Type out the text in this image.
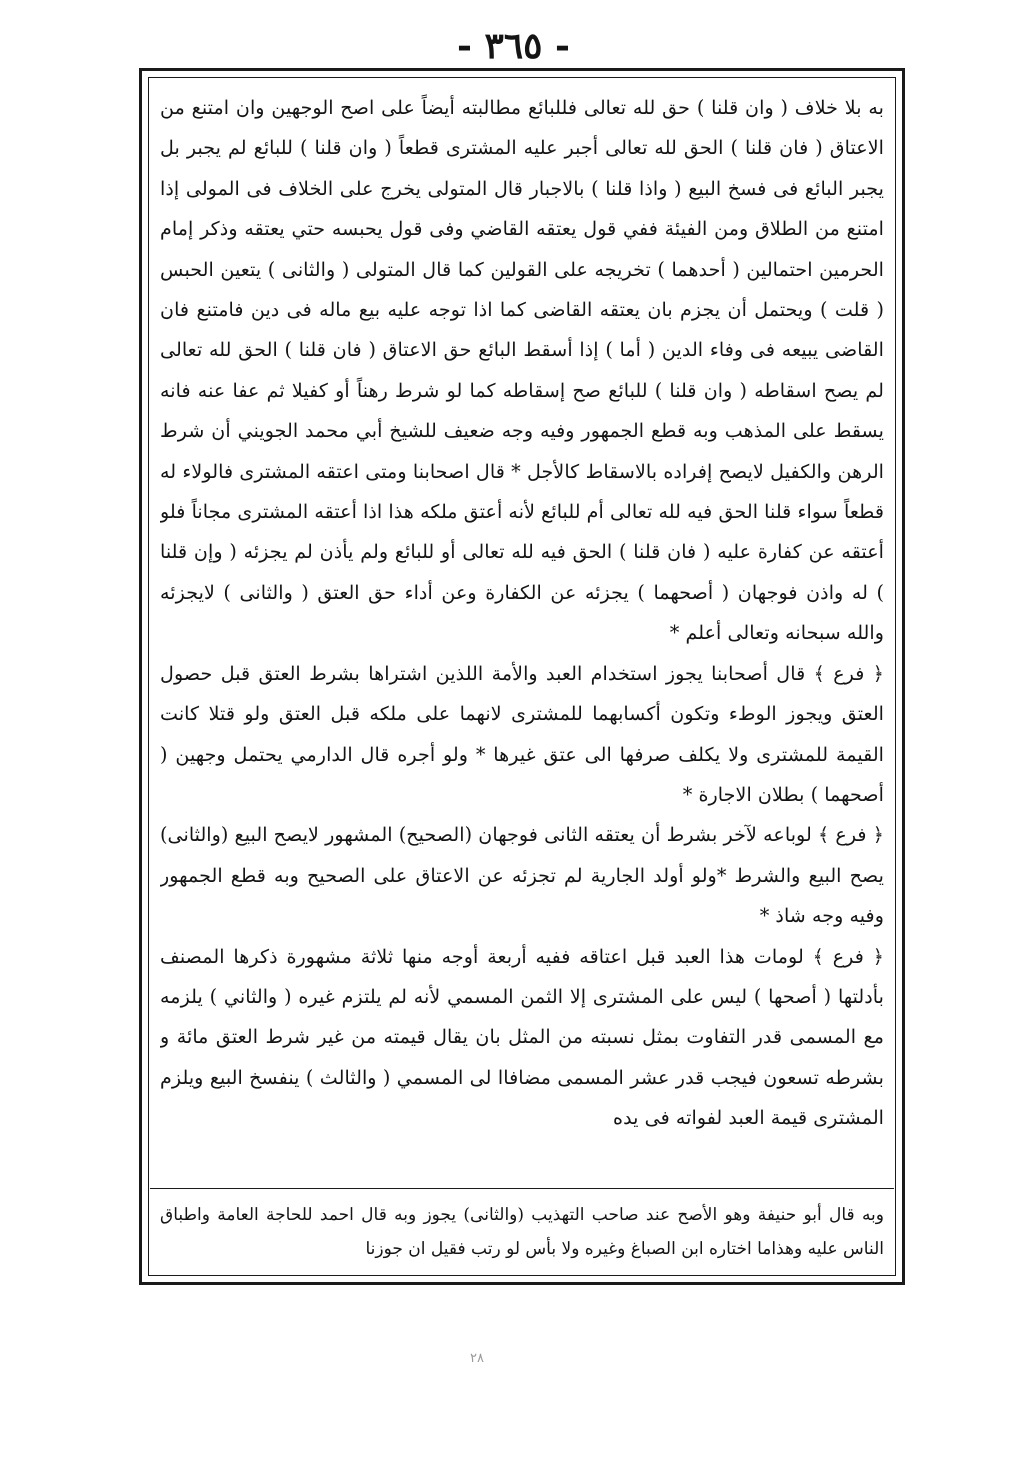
- ٣٦٥ -

به بلا خلاف ( وان قلنا ) حق لله تعالى فللبائع مطالبته أيضاً على اصح الوجهين وان امتنع من الاعتاق ( فان قلنا ) الحق لله تعالى أجبر عليه المشترى قطعاً ( وان قلنا ) للبائع لم يجبر بل يجبر البائع فى فسخ البيع ( واذا قلنا ) بالاجبار قال المتولى يخرج على الخلاف فى المولى إذا امتنع من الطلاق ومن الفيئة ففي قول يعتقه القاضي وفى قول يحبسه حتي يعتقه وذكر إمام الحرمين احتمالين ( أحدهما ) تخريجه على القولين كما قال المتولى ( والثانى ) يتعين الحبس ( قلت ) ويحتمل أن يجزم بان يعتقه القاضى كما اذا توجه عليه بيع ماله فى دين فامتنع فان القاضى يبيعه فى وفاء الدين ( أما ) إذا أسقط البائع حق الاعتاق ( فان قلنا ) الحق لله تعالى لم يصح اسقاطه ( وان قلنا ) للبائع صح إسقاطه كما لو شرط رهناً أو كفيلا ثم عفا عنه فانه يسقط على المذهب وبه قطع الجمهور وفيه وجه ضعيف للشيخ أبي محمد الجويني أن شرط الرهن والكفيل لايصح إفراده بالاسقاط كالأجل * قال اصحابنا ومتى اعتقه المشترى فالولاء له قطعاً سواء قلنا الحق فيه لله تعالى أم للبائع لأنه أعتق ملكه هذا اذا أعتقه المشترى مجاناً فلو أعتقه عن كفارة عليه ( فان قلنا ) الحق فيه لله تعالى أو للبائع ولم يأذن لم يجزئه ( وإن قلنا ) له واذن فوجهان ( أصحهما ) يجزئه عن الكفارة وعن أداء حق العتق ( والثانى ) لايجزئه والله سبحانه وتعالى أعلم *

﴿ فرع ﴾ قال أصحابنا يجوز استخدام العبد والأمة اللذين اشتراها بشرط العتق قبل حصول العتق ويجوز الوطء وتكون أكسابهما للمشترى لانهما على ملكه قبل العتق ولو قتلا كانت القيمة للمشترى ولا يكلف صرفها الى عتق غيرها * ولو أجره قال الدارمي يحتمل وجهين ( أصحهما ) بطلان الاجارة *

﴿ فرع ﴾ لوباعه لآخر بشرط أن يعتقه الثانى فوجهان (الصحيح) المشهور لايصح البيع (والثانى) يصح البيع والشرط *ولو أولد الجارية لم تجزئه عن الاعتاق على الصحيح وبه قطع الجمهور وفيه وجه شاذ *

﴿ فرع ﴾ لومات هذا العبد قبل اعتاقه ففيه أربعة أوجه منها ثلاثة مشهورة ذكرها المصنف بأدلتها ( أصحها ) ليس على المشترى إلا الثمن المسمي لأنه لم يلتزم غيره ( والثاني ) يلزمه مع المسمى قدر التفاوت بمثل نسبته من المثل بان يقال قيمته من غير شرط العتق مائة و بشرطه تسعون فيجب قدر عشر المسمى مضافاا لى المسمي ( والثالث ) ينفسخ البيع ويلزم المشترى قيمة العبد لفواته فى يده

وبه قال أبو حنيفة وهو الأصح عند صاحب التهذيب (والثانى) يجوز وبه قال احمد للحاجة العامة واطباق الناس عليه وهذاما اختاره ابن الصباغ وغيره ولا بأس لو رتب فقيل ان جوزنا

٢٨
